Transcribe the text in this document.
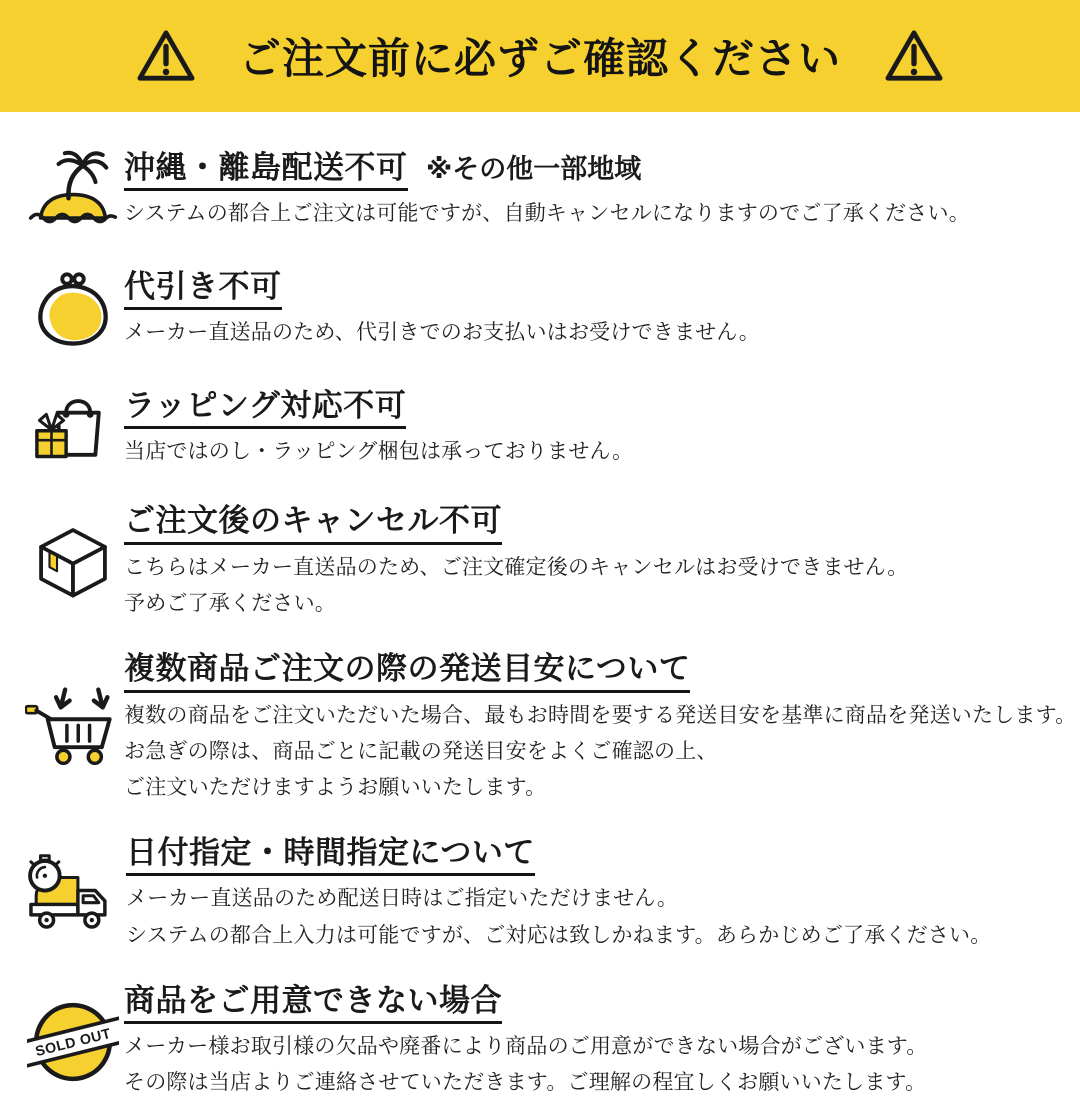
ご注文前に必ずご確認ください
沖縄・離島配送不可 ※その他一部地域
システムの都合上ご注文は可能ですが、自動キャンセルになりますのでご了承ください。
代引き不可
メーカー直送品のため、代引きでのお支払いはお受けできません。
ラッピング対応不可
当店ではのし・ラッピング梱包は承っておりません。
ご注文後のキャンセル不可
こちらはメーカー直送品のため、ご注文確定後のキャンセルはお受けできません。
予めご了承ください。
複数商品ご注文の際の発送目安について
複数の商品をご注文いただいた場合、最もお時間を要する発送目安を基準に商品を発送いたします。
お急ぎの際は、商品ごとに記載の発送目安をよくご確認の上、
ご注文いただけますようお願いいたします。
日付指定・時間指定について
メーカー直送品のため配送日時はご指定いただけません。
システムの都合上入力は可能ですが、ご対応は致しかねます。あらかじめご了承ください。
SOLD OUT
商品をご用意できない場合
メーカー様お取引様の欠品や廃番により商品のご用意ができない場合がございます。
その際は当店よりご連絡させていただきます。ご理解の程宜しくお願いいたします。
